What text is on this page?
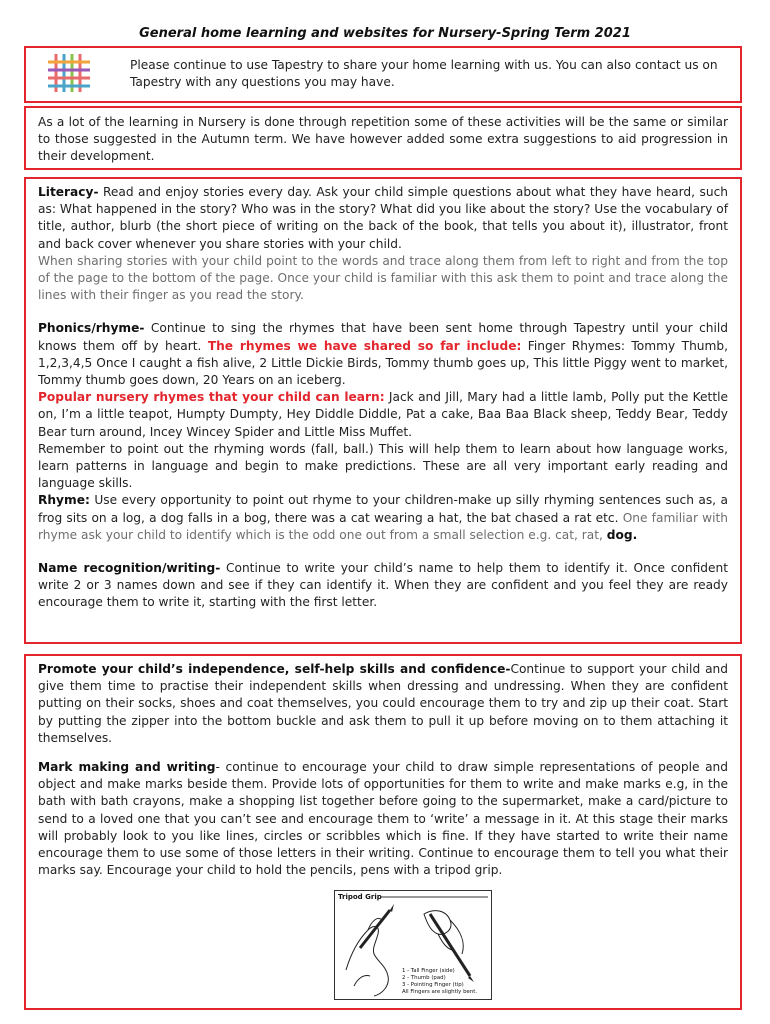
General home learning and websites for Nursery-Spring Term 2021
Please continue to use Tapestry to share your home learning with us. You can also contact us on Tapestry with any questions you may have.

As a lot of the learning in Nursery is done through repetition some of these activities will be the same or similar to those suggested in the Autumn term. We have however added some extra suggestions to aid progression in their development.

Literacy- Read and enjoy stories every day. Ask your child simple questions about what they have heard, such as: What happened in the story? Who was in the story? What did you like about the story? Use the vocabulary of title, author, blurb (the short piece of writing on the back of the book, that tells you about it), illustrator, front and back cover whenever you share stories with your child.

When sharing stories with your child point to the words and trace along them from left to right and from the top of the page to the bottom of the page. Once your child is familiar with this ask them to point and trace along the lines with their finger as you read the story.

Phonics/rhyme- Continue to sing the rhymes that have been sent home through Tapestry until your child knows them off by heart. The rhymes we have shared so far include: Finger Rhymes: Tommy Thumb, 1,2,3,4,5 Once I caught a fish alive, 2 Little Dickie Birds, Tommy thumb goes up, This little Piggy went to market, Tommy thumb goes down, 20 Years on an iceberg.

Popular nursery rhymes that your child can learn: Jack and Jill, Mary had a little lamb, Polly put the Kettle on, I’m a little teapot, Humpty Dumpty, Hey Diddle Diddle, Pat a cake, Baa Baa Black sheep, Teddy Bear, Teddy Bear turn around, Incey Wincey Spider and Little Miss Muffet.

Remember to point out the rhyming words (fall, ball.) This will help them to learn about how language works, learn patterns in language and begin to make predictions. These are all very important early reading and language skills.

Rhyme: Use every opportunity to point out rhyme to your children-make up silly rhyming sentences such as, a frog sits on a log, a dog falls in a bog, there was a cat wearing a hat, the bat chased a rat etc. One familiar with rhyme ask your child to identify which is the odd one out from a small selection e.g. cat, rat, dog.

Name recognition/writing- Continue to write your child’s name to help them to identify it. Once confident write 2 or 3 names down and see if they can identify it. When they are confident and you feel they are ready encourage them to write it, starting with the first letter.

Promote your child’s independence, self-help skills and confidence-Continue to support your child and give them time to practise their independent skills when dressing and undressing. When they are confident putting on their socks, shoes and coat themselves, you could encourage them to try and zip up their coat. Start by putting the zipper into the bottom buckle and ask them to pull it up before moving on to them attaching it themselves.

Mark making and writing- continue to encourage your child to draw simple representations of people and object and make marks beside them. Provide lots of opportunities for them to write and make marks e.g, in the bath with bath crayons, make a shopping list together before going to the supermarket, make a card/picture to send to a loved one that you can’t see and encourage them to ‘write’ a message in it. At this stage their marks will probably look to you like lines, circles or scribbles which is fine. If they have started to write their name encourage them to use some of those letters in their writing. Continue to encourage them to tell you what their marks say. Encourage your child to hold the pencils, pens with a tripod grip.

Tripod Grip
1 - Tall Finger (side)
2 - Thumb (pad)
3 - Pointing Finger (tip)
All Fingers are slightly bent.
